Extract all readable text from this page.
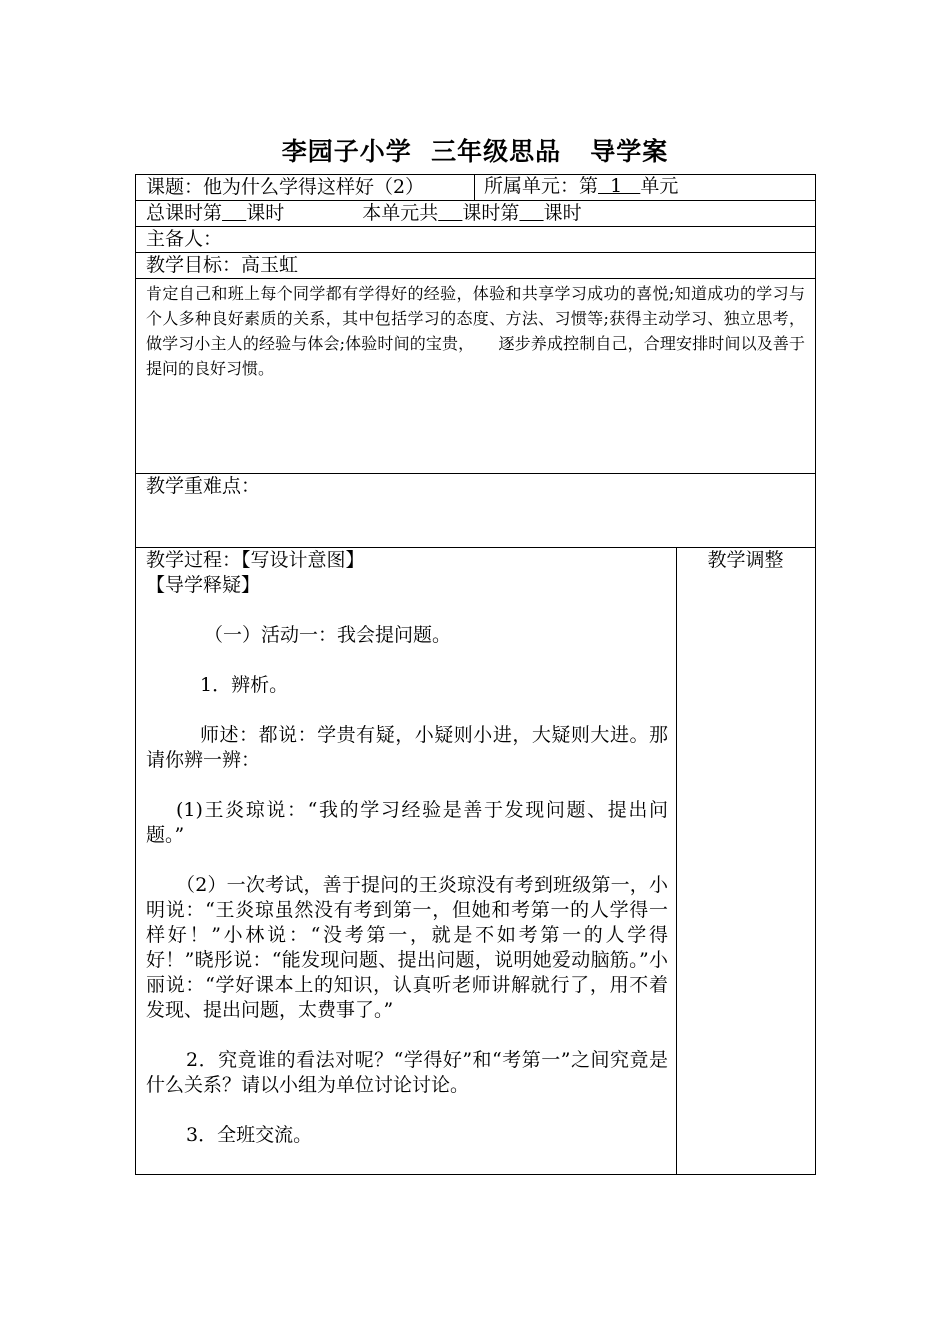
李园子小学  三年级思品   导学案
课题：他为什么学得这样好（2）	所属单元：第  1   单元
总课时第 课时	本单元共 课时第 课时
主备人：
教学目标：高玉虹
肯定自己和班上每个同学都有学得好的经验，体验和共享学习成功的喜悦;知道成功的学习与个人多种良好素质的关系，其中包括学习的态度、方法、习惯等;获得主动学习、独立思考，做学习小主人的经验与体会;体验时间的宝贵，　　逐步养成控制自己，合理安排时间以及善于提问的良好习惯。
教学重难点：

教学过程：【写设计意图】

【导学释疑】

（一）活动一：我会提问题。

1．辨析。

师述：都说：学贵有疑，小疑则小进，大疑则大进。那请你辨一辨：

(1)王炎琼说：“我的学习经验是善于发现问题、提出问题。”

（2）一次考试，善于提问的王炎琼没有考到班级第一，小明说：“王炎琼虽然没有考到第一，但她和考第一的人学得一样好！”小林说：“没考第一，就是不如考第一的人学得好！”晓彤说：“能发现问题、提出问题，说明她爱动脑筋。”小丽说：“学好课本上的知识，认真听老师讲解就行了，用不着发现、提出问题，太费事了。”

2．究竟谁的看法对呢？“学得好”和“考第一”之间究竟是什么关系？请以小组为单位讨论讨论。

3．全班交流。

教学调整
